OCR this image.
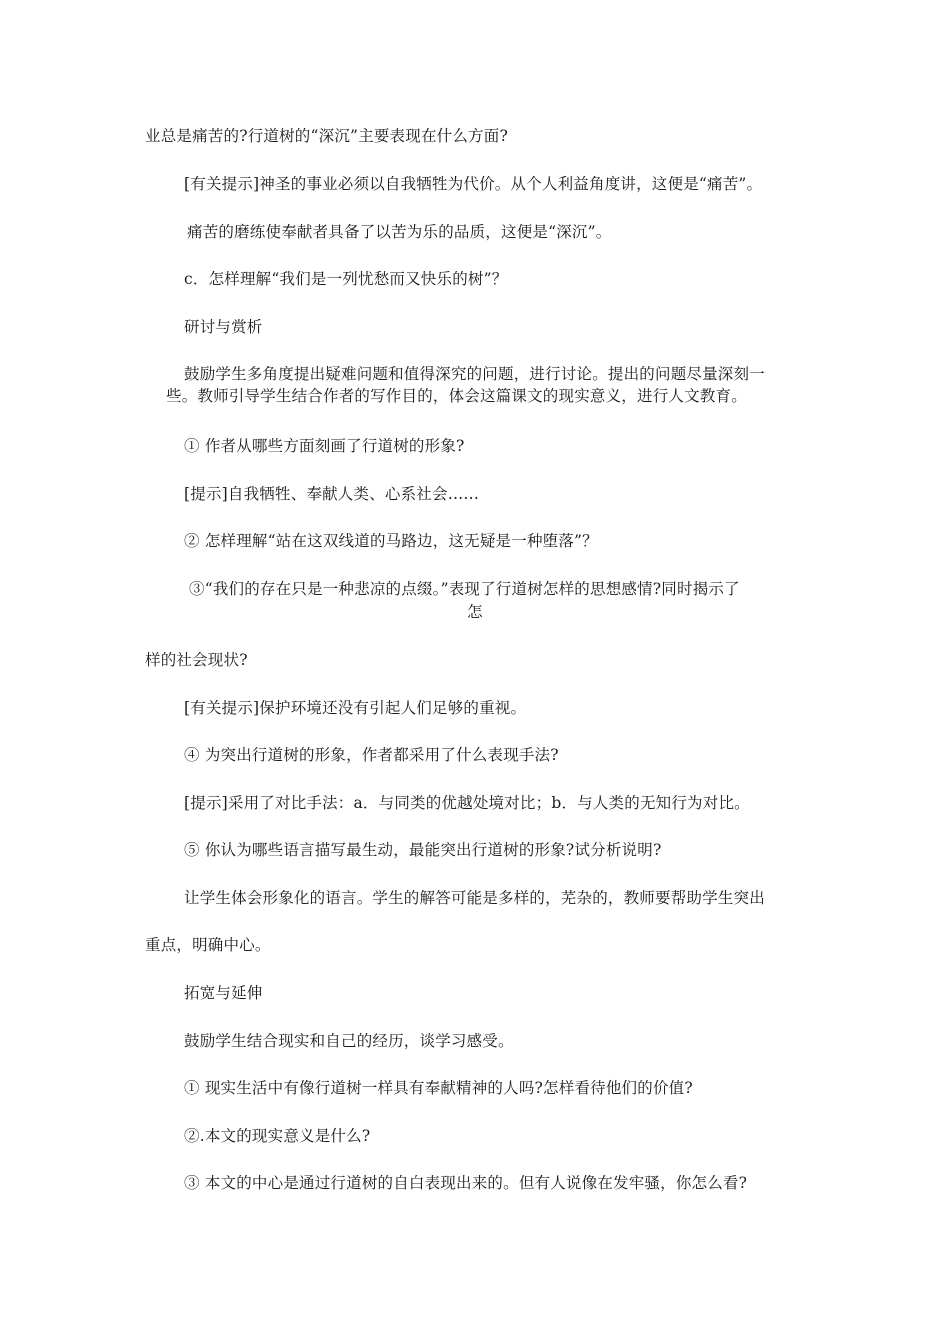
业总是痛苦的?行道树的“深沉”主要表现在什么方面?
[有关提示]神圣的事业必须以自我牺牲为代价。从个人利益角度讲，这便是“痛苦”。
痛苦的磨练使奉献者具备了以苦为乐的品质，这便是“深沉”。
c．怎样理解“我们是一列忧愁而又快乐的树”？
研讨与赏析
鼓励学生多角度提出疑难问题和值得深究的问题，进行讨论。提出的问题尽量深刻一
些。教师引导学生结合作者的写作目的，体会这篇课文的现实意义，进行人文教育。
① 作者从哪些方面刻画了行道树的形象?
[提示]自我牺牲、奉献人类、心系社会……
② 怎样理解“站在这双线道的马路边，这无疑是一种堕落”？
③“我们的存在只是一种悲凉的点缀。”表现了行道树怎样的思想感情?同时揭示了
怎
样的社会现状?
[有关提示]保护环境还没有引起人们足够的重视。
④ 为突出行道树的形象，作者都采用了什么表现手法?
[提示]采用了对比手法：a．与同类的优越处境对比；b．与人类的无知行为对比。
⑤ 你认为哪些语言描写最生动，最能突出行道树的形象?试分析说明?
让学生体会形象化的语言。学生的解答可能是多样的，芜杂的，教师要帮助学生突出
重点，明确中心。
拓宽与延伸
鼓励学生结合现实和自己的经历，谈学习感受。
① 现实生活中有像行道树一样具有奉献精神的人吗?怎样看待他们的价值?
②.本文的现实意义是什么?
③ 本文的中心是通过行道树的自白表现出来的。但有人说像在发牢骚，你怎么看?
